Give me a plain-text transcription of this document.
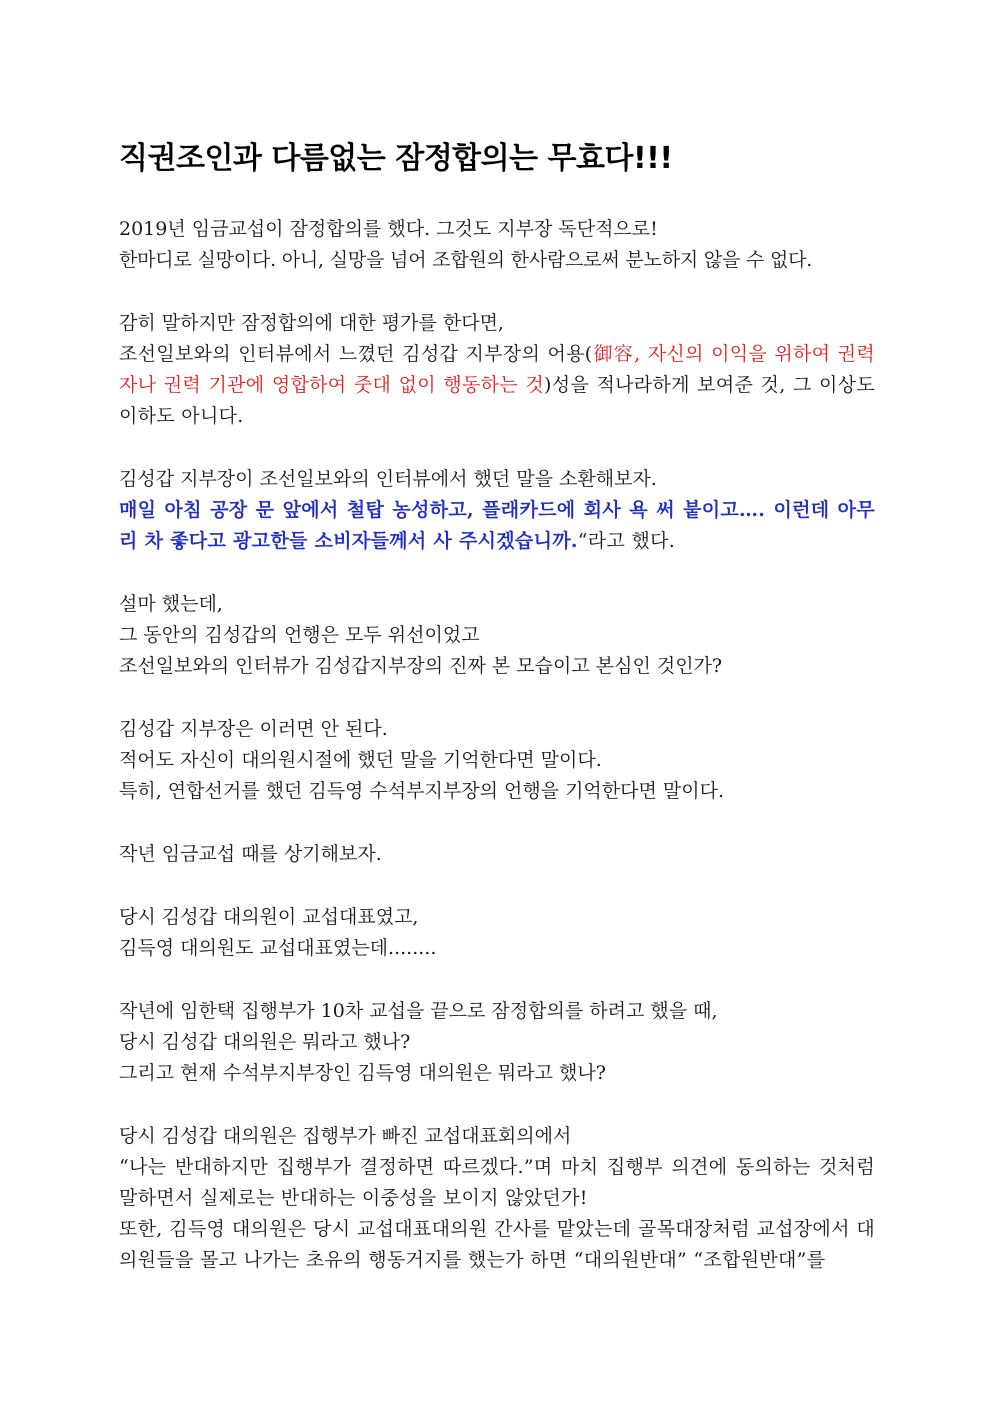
직권조인과 다름없는 잠정합의는 무효다!!!
2019년 임금교섭이 잠정합의를 했다. 그것도 지부장 독단적으로!
한마디로 실망이다. 아니, 실망을 넘어 조합원의 한사람으로써 분노하지 않을 수 없다.
감히 말하지만 잠정합의에 대한 평가를 한다면,
조선일보와의 인터뷰에서 느꼈던 김성갑 지부장의 어용(御容, 자신의 이익을 위하여 권력자나 권력 기관에 영합하여 줏대 없이 행동하는 것)성을 적나라하게 보여준 것, 그 이상도 이하도 아니다.
김성갑 지부장이 조선일보와의 인터뷰에서 했던 말을 소환해보자.
매일 아침 공장 문 앞에서 철탑 농성하고, 플래카드에 회사 욕 써 붙이고…. 이런데 아무리 차 좋다고 광고한들 소비자들께서 사 주시겠습니까.“라고 했다.
설마 했는데,
그 동안의 김성갑의 언행은 모두 위선이었고
조선일보와의 인터뷰가 김성갑지부장의 진짜 본 모습이고 본심인 것인가?
김성갑 지부장은 이러면 안 된다.
적어도 자신이 대의원시절에 했던 말을 기억한다면 말이다.
특히, 연합선거를 했던 김득영 수석부지부장의 언행을 기억한다면 말이다.
작년 임금교섭 때를 상기해보자.
당시 김성갑 대의원이 교섭대표였고,
김득영 대의원도 교섭대표였는데........
작년에 임한택 집행부가 10차 교섭을 끝으로 잠정합의를 하려고 했을 때,
당시 김성갑 대의원은 뭐라고 했나?
그리고 현재 수석부지부장인 김득영 대의원은 뭐라고 했나?
당시 김성갑 대의원은 집행부가 빠진 교섭대표회의에서
“나는 반대하지만 집행부가 결정하면 따르겠다.”며 마치 집행부 의견에 동의하는 것처럼 말하면서 실제로는 반대하는 이중성을 보이지 않았던가!
또한, 김득영 대의원은 당시 교섭대표대의원 간사를 맡았는데 골목대장처럼 교섭장에서 대의원들을 몰고 나가는 초유의 행동거지를 했는가 하면 “대의원반대” “조합원반대”를
